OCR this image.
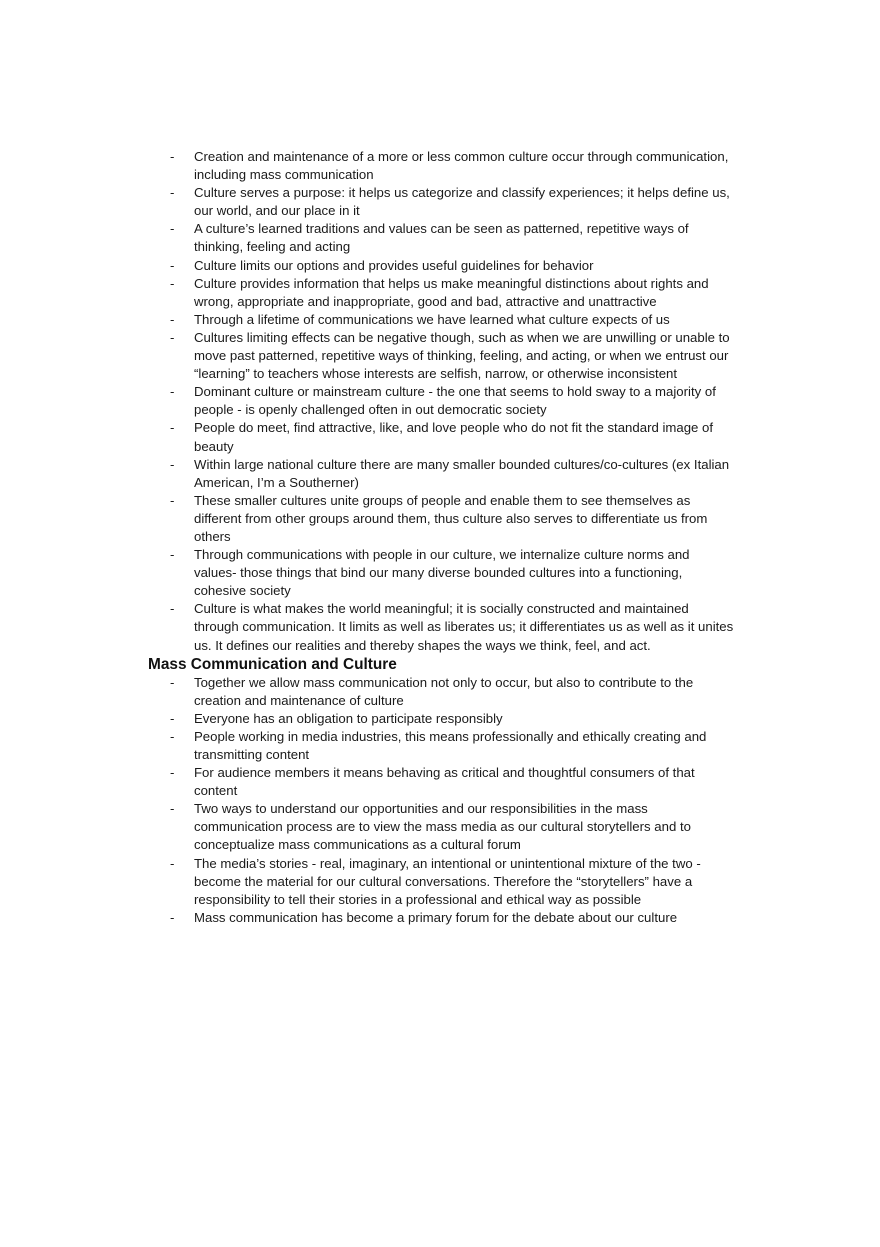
- Creation and maintenance of a more or less common culture occur through communication, including mass communication
- Culture serves a purpose: it helps us categorize and classify experiences; it helps define us, our world, and our place in it
- A culture’s learned traditions and values can be seen as patterned, repetitive ways of thinking, feeling and acting
- Culture limits our options and provides useful guidelines for behavior
- Culture provides information that helps us make meaningful distinctions about rights and wrong, appropriate and inappropriate, good and bad, attractive and unattractive
- Through a lifetime of communications we have learned what culture expects of us
- Cultures limiting effects can be negative though, such as when we are unwilling or unable to move past patterned, repetitive ways of thinking, feeling, and acting, or when we entrust our “learning” to teachers whose interests are selfish, narrow, or otherwise inconsistent
- Dominant culture or mainstream culture - the one that seems to hold sway to a majority of people - is openly challenged often in out democratic society
- People do meet, find attractive, like, and love people who do not fit the standard image of beauty
- Within large national culture there are many smaller bounded cultures/co-cultures (ex Italian American, I’m a Southerner)
- These smaller cultures unite groups of people and enable them to see themselves as different from other groups around them, thus culture also serves to differentiate us from others
- Through communications with people in our culture, we internalize culture norms and values- those things that bind our many diverse bounded cultures into a functioning, cohesive society
- Culture is what makes the world meaningful; it is socially constructed and maintained through communication. It limits as well as liberates us; it differentiates us as well as it unites us. It defines our realities and thereby shapes the ways we think, feel, and act.
Mass Communication and Culture
- Together we allow mass communication not only to occur, but also to contribute to the creation and maintenance of culture
- Everyone has an obligation to participate responsibly
- People working in media industries, this means professionally and ethically creating and transmitting content
- For audience members it means behaving as critical and thoughtful consumers of that content
- Two ways to understand our opportunities and our responsibilities in the mass communication process are to view the mass media as our cultural storytellers and to conceptualize mass communications as a cultural forum
- The media’s stories - real, imaginary, an intentional or unintentional mixture of the two - become the material for our cultural conversations. Therefore the “storytellers” have a responsibility to tell their stories in a professional and ethical way as possible
- Mass communication has become a primary forum for the debate about our culture
